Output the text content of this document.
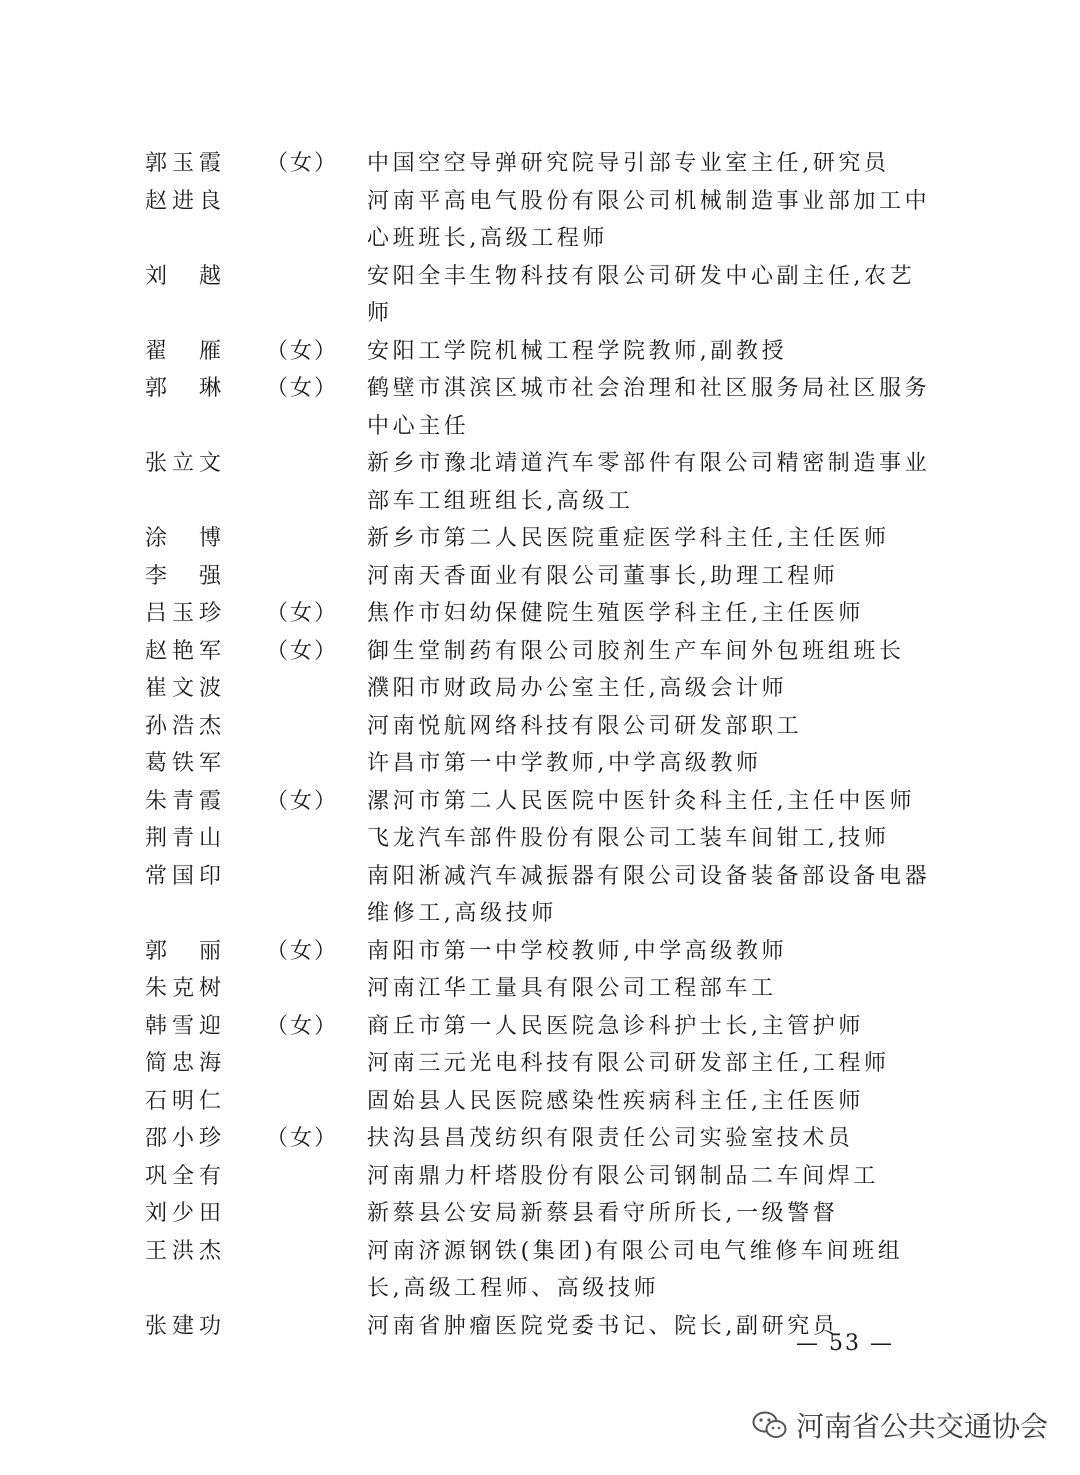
郭玉霞 （女） 中国空空导弹研究院导引部专业室主任,研究员
赵进良	河南平高电气股份有限公司机械制造事业部加工中心班班长,高级工程师
刘越	安阳全丰生物科技有限公司研发中心副主任,农艺师
翟雁 （女） 安阳工学院机械工程学院教师,副教授
郭琳 （女） 鹤壁市淇滨区城市社会治理和社区服务局社区服务中心主任
张立文	新乡市豫北靖道汽车零部件有限公司精密制造事业部车工组班组长,高级工
涂博	新乡市第二人民医院重症医学科主任,主任医师
李强	河南天香面业有限公司董事长,助理工程师
吕玉珍 （女） 焦作市妇幼保健院生殖医学科主任,主任医师
赵艳军 （女） 御生堂制药有限公司胶剂生产车间外包班组班长
崔文波	濮阳市财政局办公室主任,高级会计师
孙浩杰	河南悦航网络科技有限公司研发部职工
葛铁军	许昌市第一中学教师,中学高级教师
朱青霞 （女） 漯河市第二人民医院中医针灸科主任,主任中医师
荆青山	飞龙汽车部件股份有限公司工装车间钳工,技师
常国印	南阳淅减汽车减振器有限公司设备装备部设备电器维修工,高级技师
郭丽 （女） 南阳市第一中学校教师,中学高级教师
朱克树	河南江华工量具有限公司工程部车工
韩雪迎 （女） 商丘市第一人民医院急诊科护士长,主管护师
简忠海	河南三元光电科技有限公司研发部主任,工程师
石明仁	固始县人民医院感染性疾病科主任,主任医师
邵小珍 （女） 扶沟县昌茂纺织有限责任公司实验室技术员
巩全有	河南鼎力杆塔股份有限公司钢制品二车间焊工
刘少田	新蔡县公安局新蔡县看守所所长,一级警督
王洪杰	河南济源钢铁(集团)有限公司电气维修车间班组长,高级工程师、高级技师
张建功	河南省肿瘤医院党委书记、院长,副研究员
— 53 —
河南省公共交通协会
